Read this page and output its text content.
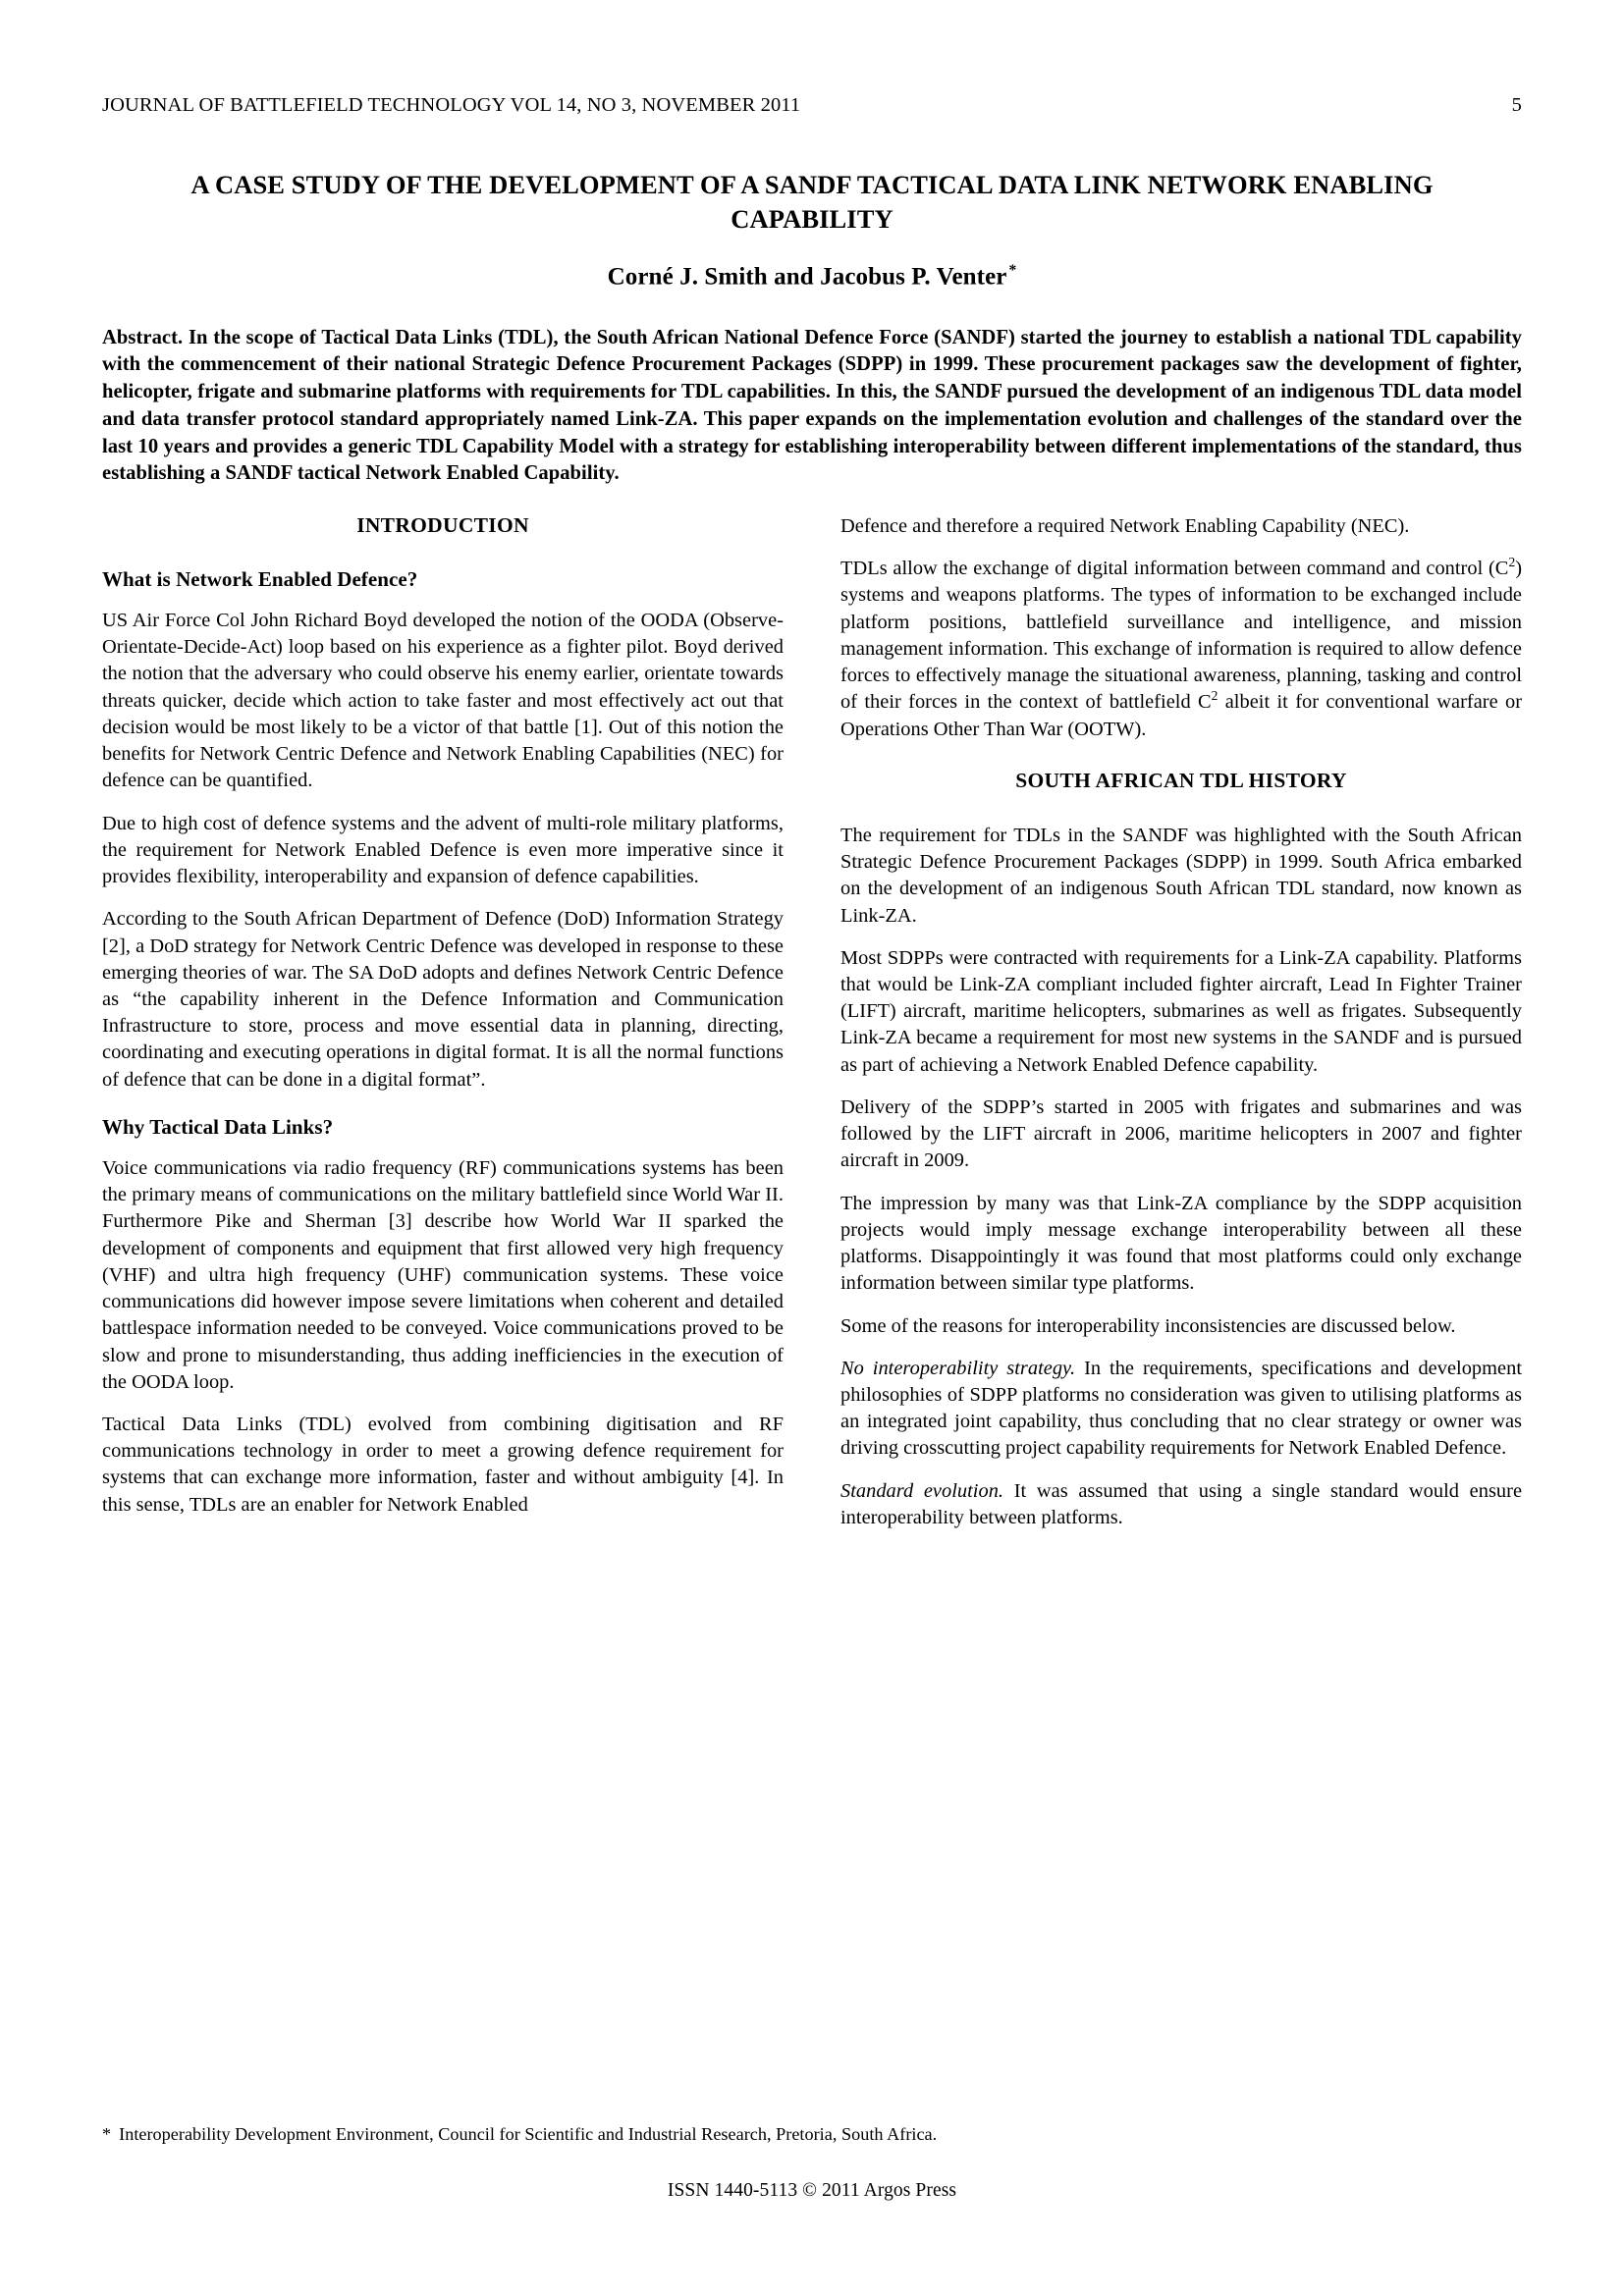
JOURNAL OF BATTLEFIELD TECHNOLOGY VOL 14, NO 3, NOVEMBER 2011	5
A CASE STUDY OF THE DEVELOPMENT OF A SANDF TACTICAL DATA LINK NETWORK ENABLING CAPABILITY
Corné J. Smith and Jacobus P. Venter *
Abstract. In the scope of Tactical Data Links (TDL), the South African National Defence Force (SANDF) started the journey to establish a national TDL capability with the commencement of their national Strategic Defence Procurement Packages (SDPP) in 1999. These procurement packages saw the development of fighter, helicopter, frigate and submarine platforms with requirements for TDL capabilities. In this, the SANDF pursued the development of an indigenous TDL data model and data transfer protocol standard appropriately named Link-ZA. This paper expands on the implementation evolution and challenges of the standard over the last 10 years and provides a generic TDL Capability Model with a strategy for establishing interoperability between different implementations of the standard, thus establishing a SANDF tactical Network Enabled Capability.
INTRODUCTION
What is Network Enabled Defence?

US Air Force Col John Richard Boyd developed the notion of the OODA (Observe-Orientate-Decide-Act) loop based on his experience as a fighter pilot. Boyd derived the notion that the adversary who could observe his enemy earlier, orientate towards threats quicker, decide which action to take faster and most effectively act out that decision would be most likely to be a victor of that battle [1]. Out of this notion the benefits for Network Centric Defence and Network Enabling Capabilities (NEC) for defence can be quantified.

Due to high cost of defence systems and the advent of multi-role military platforms, the requirement for Network Enabled Defence is even more imperative since it provides flexibility, interoperability and expansion of defence capabilities.

According to the South African Department of Defence (DoD) Information Strategy [2], a DoD strategy for Network Centric Defence was developed in response to these emerging theories of war. The SA DoD adopts and defines Network Centric Defence as “the capability inherent in the Defence Information and Communication Infrastructure to store, process and move essential data in planning, directing, coordinating and executing operations in digital format. It is all the normal functions of defence that can be done in a digital format”.

Why Tactical Data Links?

Voice communications via radio frequency (RF) communications systems has been the primary means of communications on the military battlefield since World War II. Furthermore Pike and Sherman [3] describe how World War II sparked the development of components and equipment that first allowed very high frequency (VHF) and ultra high frequency (UHF) communication systems. These voice communications did however impose severe limitations when coherent and detailed battlespace information needed to be conveyed. Voice communications proved to be slow and prone to misunderstanding, thus adding inefficiencies in the execution of the OODA loop.

Tactical Data Links (TDL) evolved from combining digitisation and RF communications technology in order to meet a growing defence requirement for systems that can exchange more information, faster and without ambiguity [4]. In this sense, TDLs are an enabler for Network Enabled

Defence and therefore a required Network Enabling Capability (NEC).

TDLs allow the exchange of digital information between command and control $(C^2)$ systems and weapons platforms. The types of information to be exchanged include platform positions, battlefield surveillance and intelligence, and mission management information. This exchange of information is required to allow defence forces to effectively manage the situational awareness, planning, tasking and control of their forces in the context of battlefield $C^2$ albeit it for conventional warfare or Operations Other Than War (OOTW).

SOUTH AFRICAN TDL HISTORY

The requirement for TDLs in the SANDF was highlighted with the South African Strategic Defence Procurement Packages (SDPP) in 1999. South Africa embarked on the development of an indigenous South African TDL standard, now known as Link-ZA.

Most SDPPs were contracted with requirements for a Link-ZA capability. Platforms that would be Link-ZA compliant included fighter aircraft, Lead In Fighter Trainer (LIFT) aircraft, maritime helicopters, submarines as well as frigates. Subsequently Link-ZA became a requirement for most new systems in the SANDF and is pursued as part of achieving a Network Enabled Defence capability.

Delivery of the SDPP’s started in 2005 with frigates and submarines and was followed by the LIFT aircraft in 2006, maritime helicopters in 2007 and fighter aircraft in 2009.

The impression by many was that Link-ZA compliance by the SDPP acquisition projects would imply message exchange interoperability between all these platforms. Disappointingly it was found that most platforms could only exchange information between similar type platforms.

Some of the reasons for interoperability inconsistencies are discussed below.

No interoperability strategy. In the requirements, specifications and development philosophies of SDPP platforms no consideration was given to utilising platforms as an integrated joint capability, thus concluding that no clear strategy or owner was driving crosscutting project capability requirements for Network Enabled Defence.

Standard evolution. It was assumed that using a single standard would ensure interoperability between platforms.

* Interoperability Development Environment, Council for Scientific and Industrial Research, Pretoria, South Africa.

ISSN 1440-5113 © 2011 Argos Press
